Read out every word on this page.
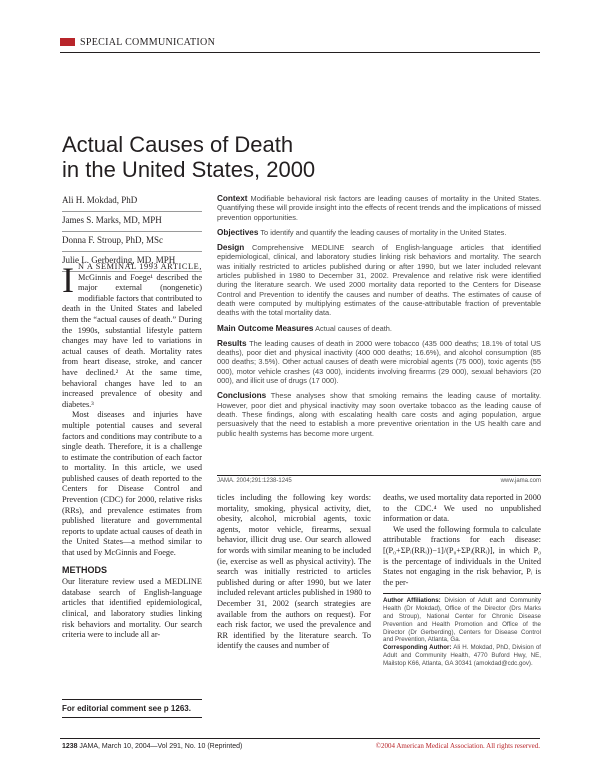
SPECIAL COMMUNICATION
Actual Causes of Death
in the United States, 2000
Ali H. Mokdad, PhD
James S. Marks, MD, MPH
Donna F. Stroup, PhD, MSc
Julie L. Gerberding, MD, MPH

Context Modifiable behavioral risk factors are leading causes of mortality in the United States. Quantifying these will provide insight into the effects of recent trends and the implications of missed prevention opportunities.

Objectives To identify and quantify the leading causes of mortality in the United States.

Design Comprehensive MEDLINE search of English-language articles that identified epidemiological, clinical, and laboratory studies linking risk behaviors and mortality. The search was initially restricted to articles published during or after 1990, but we later included relevant articles published in 1980 to December 31, 2002. Prevalence and relative risk were identified during the literature search. We used 2000 mortality data reported to the Centers for Disease Control and Prevention to identify the causes and number of deaths. The estimates of cause of death were computed by multiplying estimates of the cause-attributable fraction of preventable deaths with the total mortality data.

Main Outcome Measures Actual causes of death.

Results The leading causes of death in 2000 were tobacco (435 000 deaths; 18.1% of total US deaths), poor diet and physical inactivity (400 000 deaths; 16.6%), and alcohol consumption (85 000 deaths; 3.5%). Other actual causes of death were microbial agents (75 000), toxic agents (55 000), motor vehicle crashes (43 000), incidents involving firearms (29 000), sexual behaviors (20 000), and illicit use of drugs (17 000).

Conclusions These analyses show that smoking remains the leading cause of mortality. However, poor diet and physical inactivity may soon overtake tobacco as the leading cause of death. These findings, along with escalating health care costs and aging population, argue persuasively that the need to establish a more preventive orientation in the US health care and public health systems has become more urgent.

JAMA. 2004;291:1238-1245	www.jama.com
I N A SEMINAL 1993 ARTICLE, McGinnis and Foege¹ described the major external (nongenetic) modifiable factors that contributed to death in the United States and labeled them the “actual causes of death.” During the 1990s, substantial lifestyle pattern changes may have led to variations in actual causes of death. Mortality rates from heart disease, stroke, and cancer have declined.² At the same time, behavioral changes have led to an increased prevalence of obesity and diabetes.³

Most diseases and injuries have multiple potential causes and several factors and conditions may contribute to a single death. Therefore, it is a challenge to estimate the contribution of each factor to mortality. In this article, we used published causes of death reported to the Centers for Disease Control and Prevention (CDC) for 2000, relative risks (RRs), and prevalence estimates from published literature and governmental reports to update actual causes of death in the United States—a method similar to that used by McGinnis and Foege.

METHODS

Our literature review used a MEDLINE database search of English-language articles that identified epidemiological, clinical, and laboratory studies linking risk behaviors and mortality. Our search criteria were to include all ar-

For editorial comment see p 1263.

ticles including the following key words: mortality, smoking, physical activity, diet, obesity, alcohol, microbial agents, toxic agents, motor vehicle, firearms, sexual behavior, illicit drug use. Our search allowed for words with similar meaning to be included (ie, exercise as well as physical activity). The search was initially restricted to articles published during or after 1990, but we later included relevant articles published in 1980 to December 31, 2002 (search strategies are available from the authors on request). For each risk factor, we used the prevalence and RR identified by the literature search. To identify the causes and number of

deaths, we used mortality data reported in 2000 to the CDC.⁴ We used no unpublished information or data.

We used the following formula to calculate attributable fractions for each disease: [(P₀+ΣPᵢ(RRᵢ))−1]/(P₀+ΣPᵢ(RRᵢ)], in which P₀ is the percentage of individuals in the United States not engaging in the risk behavior, Pᵢ is the per-

Author Affiliations: Division of Adult and Community Health (Dr Mokdad), Office of the Director (Drs Marks and Stroup), National Center for Chronic Disease Prevention and Health Promotion and Office of the Director (Dr Gerberding), Centers for Disease Control and Prevention, Atlanta, Ga.
Corresponding Author: Ali H. Mokdad, PhD, Division of Adult and Community Health, 4770 Buford Hwy, NE, Mailstop K66, Atlanta, GA 30341 (amokdad@cdc.gov).
1238 JAMA, March 10, 2004—Vol 291, No. 10 (Reprinted)	©2004 American Medical Association. All rights reserved.
